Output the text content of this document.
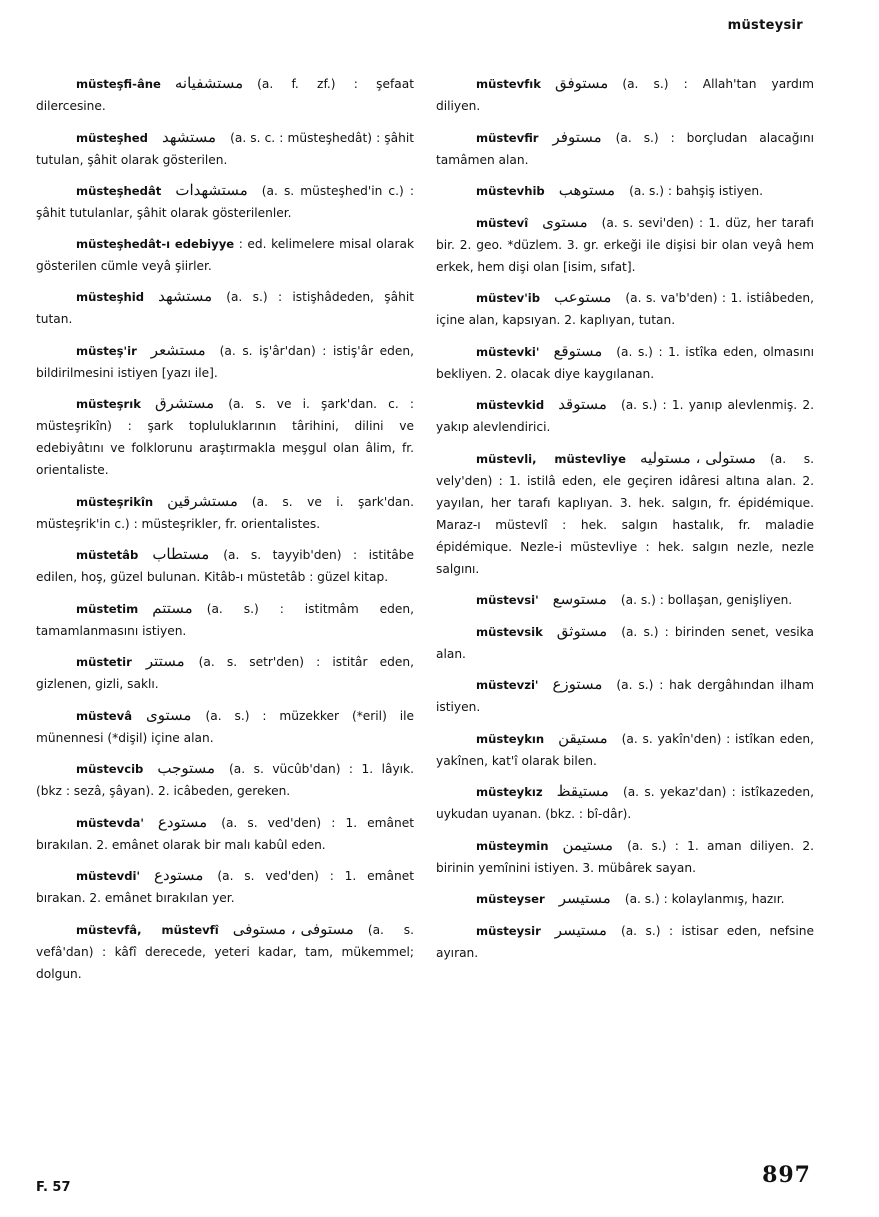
müsteysir
müsteşfi-âne مستشفیانه (a. f. zf.) : şefaat dilercesine.
müsteşhed مستشهد (a. s. c. : müsteşhedât) : şâhit tutulan, şâhit olarak gösterilen.
müsteşhedât مستشهدات (a. s. müsteşhed'in c.) : şâhit tutulanlar, şâhit olarak gösterilenler.
müsteşhedât-ı edebiyye : ed. kelimelere misal olarak gösterilen cümle veyâ şiirler.
müsteşhid مستشهد (a. s.) : istişhâdeden, şâhit tutan.
müsteş'ir مستشعر (a. s. iş'âr'dan) : istiş'âr eden, bildirilmesini istiyen [yazı ile].
müsteşrık مستشرق (a. s. ve i. şark'dan. c. : müsteşrikîn) : şark topluluklarının târihini, dilini ve edebiyâtını ve folklorunu araştırmakla meşgul olan âlim, fr. orientaliste.
müsteşrikîn مستشرقين (a. s. ve i. şark'dan. müsteşrik'in c.) : müsteşrikler, fr. orientalistes.
müstetâb مستطاب (a. s. tayyib'den) : istitâbe edilen, hoş, güzel bulunan. Kitâb-ı müstetâb : güzel kitap.
müstetim مستتم (a. s.) : istitmâm eden, tamamlanmasını istiyen.
müstetir مستتر (a. s. setr'den) : istitâr eden, gizlenen, gizli, saklı.
müstevâ مستوى (a. s.) : müzekker (*eril) ile münennesi (*dişil) içine alan.
müstevcib مستوجب (a. s. vücûb'dan) : 1. lâyık. (bkz : sezâ, şâyan). 2. icâbeden, gereken.
müstevda' مستودع (a. s. ved'den) : 1. emânet bırakılan. 2. emânet olarak bir malı kabûl eden.
müstevdi' مستودع (a. s. ved'den) : 1. emânet bırakan. 2. emânet bırakılan yer.
müstevfâ, müstevfî مستوفى ، مستوفى (a. s. vefâ'dan) : kâfî derecede, yeteri kadar, tam, mükemmel; dolgun.
müstevfık مستوفق (a. s.) : Allah'tan yardım diliyen.
müstevfir مستوفر (a. s.) : borçludan alacağını tamâmen alan.
müstevhib مستوهب (a. s.) : bahşiş istiyen.
müstevî مستوى (a. s. sevi'den) : 1. düz, her tarafı bir. 2. geo. *düzlem. 3. gr. erkeği ile dişisi bir olan veyâ hem erkek, hem dişi olan [isim, sıfat].
müstev'ib مستوعب (a. s. va'b'den) : 1. istiâbeden, içine alan, kapsıyan. 2. kaplıyan, tutan.
müstevki' مستوقع (a. s.) : 1. istîka eden, olmasını bekliyen. 2. olacak diye kaygılanan.
müstevkid مستوقد (a. s.) : 1. yanıp alevlenmiş. 2. yakıp alevlendirici.
müstevli, müstevliye مستولى ، مستوليه (a. s. vely'den) : 1. istilâ eden, ele geçiren idâresi altına alan. 2. yayılan, her tarafı kaplıyan. 3. hek. salgın, fr. épidémique. Maraz-ı müstevlî : hek. salgın hastalık, fr. maladie épidémique. Nezle-i müstevliye : hek. salgın nezle, nezle salgını.
müstevsi' مستوسع (a. s.) : bollaşan, genişliyen.
müstevsik مستوثق (a. s.) : birinden senet, vesika alan.
müstevzi' مستوزع (a. s.) : hak dergâhından ilham istiyen.
müsteykın مستیقن (a. s. yakîn'den) : istîkan eden, yakînen, kat'î olarak bilen.
müsteykız مستیقظ (a. s. yekaz'dan) : istîkazeden, uykudan uyanan. (bkz. : bî-dâr).
müsteymin مستیمن (a. s.) : 1. aman diliyen. 2. birinin yemînini istiyen. 3. mübârek sayan.
müsteyser مستیسر (a. s.) : kolaylanmış, hazır.
müsteysir مستیسر (a. s.) : istisar eden, nefsine ayıran.
F. 57	897
